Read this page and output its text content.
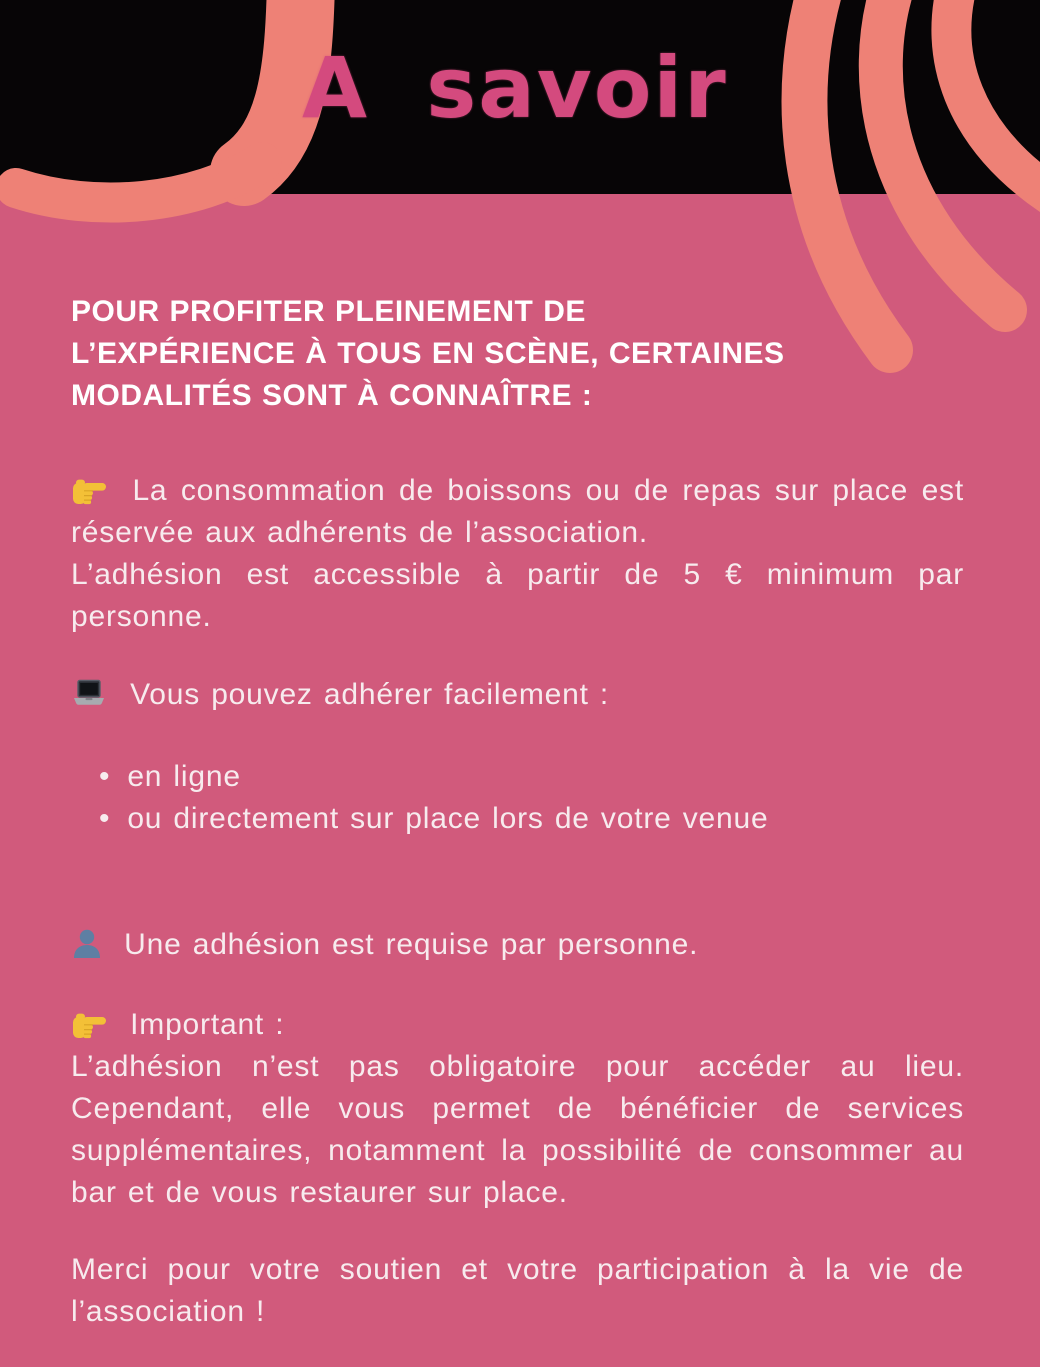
A savoir
POUR PROFITER PLEINEMENT DE
L’EXPÉRIENCE À TOUS EN SCÈNE, CERTAINES
MODALITÉS SONT À CONNAÎTRE :

La consommation de boissons ou de repas sur place est réservée aux adhérents de l’association.
L’adhésion est accessible à partir de 5 € minimum par personne.

Vous pouvez adhérer facilement :

• en ligne
• ou directement sur place lors de votre venue

Une adhésion est requise par personne.

Important :
L’adhésion n’est pas obligatoire pour accéder au lieu. Cependant, elle vous permet de bénéficier de services supplémentaires, notamment la possibilité de consommer au bar et de vous restaurer sur place.

Merci pour votre soutien et votre participation à la vie de l’association !
